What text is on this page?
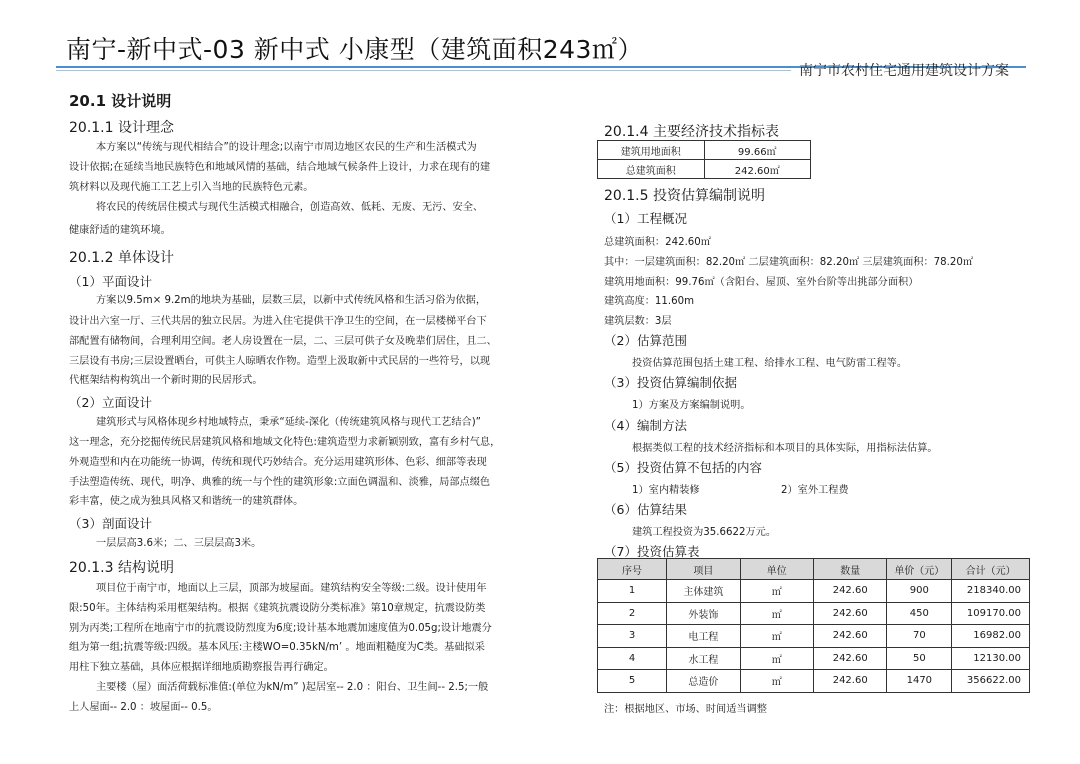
南宁-新中式-03 新中式 小康型（建筑面积243㎡）
南宁市农村住宅通用建筑设计方案
20.1 设计说明
20.1.1 设计理念
本方案以“传统与现代相结合”的设计理念;以南宁市周边地区农民的生产和生活模式为
设计依据;在延续当地民族特色和地域风情的基础，结合地域气候条件上设计，力求在现有的建
筑材料以及现代施工工艺上引入当地的民族特色元素。
将农民的传统居住模式与现代生活模式相融合，创造高效、低耗、无废、无污、安全、
健康舒适的建筑环境。
20.1.2 单体设计
（1）平面设计
方案以9.5m× 9.2m的地块为基础，层数三层，以新中式传统风格和生活习俗为依据，
设计出六室一厅、三代共居的独立民居。为进入住宅提供干净卫生的空间，在一层楼梯平台下
部配置有储物间，合理利用空间。老人房设置在一层，二、三层可供子女及晚辈们居住，且二、
三层设有书房;三层设置晒台，可供主人晾晒农作物。造型上汲取新中式民居的一些符号，以现
代框架结构构筑出一个新时期的民居形式。
（2）立面设计
建筑形式与风格体现乡村地域特点，秉承“延续-深化（传统建筑风格与现代工艺结合)”
这一理念，充分挖掘传统民居建筑风格和地域文化特色:建筑造型力求新颖别致，富有乡村气息，
外观造型和内在功能统一协调，传统和现代巧妙结合。充分运用建筑形体、色彩、细部等表现
手法塑造传统、现代，明净、典雅的统一与个性的建筑形象:立面色调温和、淡雅，局部点缀色
彩丰富，使之成为独具风格又和谐统一的建筑群体。
（3）剖面设计
一层层高3.6米；二、三层层高3米。
20.1.3 结构说明
项目位于南宁市，地面以上三层，顶部为坡屋面。建筑结构安全等级:二级。设计使用年
限:50年。主体结构采用框架结构。根据《建筑抗震设防分类标准》第10章规定，抗震设防类
别为丙类;工程所在地南宁市的抗震设防烈度为6度;设计基本地震加速度值为0.05g;设计地震分
组为第一组;抗震等级:四级。基本风压:主楼WO=0.35kN/m’ 。地面粗糙度为C类。基础拟采
用柱下独立基础，具体应根据详细地质勘察报告再行确定。
主要楼（屋）面活荷载标准值:(单位为kN/m” )起居室-- 2.0 ：阳台、卫生间-- 2.5;一般
上人屋面-- 2.0 ：坡屋面-- 0.5。
20.1.4 主要经济技术指标表
建筑用地面积	99.66㎡
总建筑面积	242.60㎡
20.1.5 投资估算编制说明
（1）工程概况
总建筑面积：242.60㎡
其中：一层建筑面积：82.20㎡ 二层建筑面积：82.20㎡ 三层建筑面积：78.20㎡
建筑用地面积：99.76㎡（含阳台、屋顶、室外台阶等出挑部分面积）
建筑高度：11.60m
建筑层数：3层
（2）估算范围
投资估算范围包括土建工程、给排水工程、电气防雷工程等。
（3）投资估算编制依据
1）方案及方案编制说明。
（4）编制方法
根据类似工程的技术经济指标和本项目的具体实际，用指标法估算。
（5）投资估算不包括的内容
1）室内精装修	2）室外工程费
（6）估算结果
建筑工程投资为35.6622万元。
（7）投资估算表
序号	项目	单位	数量	单价（元）	合计（元）
1	主体建筑	㎡	242.60	900	218340.00
2	外装饰	㎡	242.60	450	109170.00
3	电工程	㎡	242.60	70	16982.00
4	水工程	㎡	242.60	50	12130.00
5	总造价	㎡	242.60	1470	356622.00
注：根据地区、市场、时间适当调整
